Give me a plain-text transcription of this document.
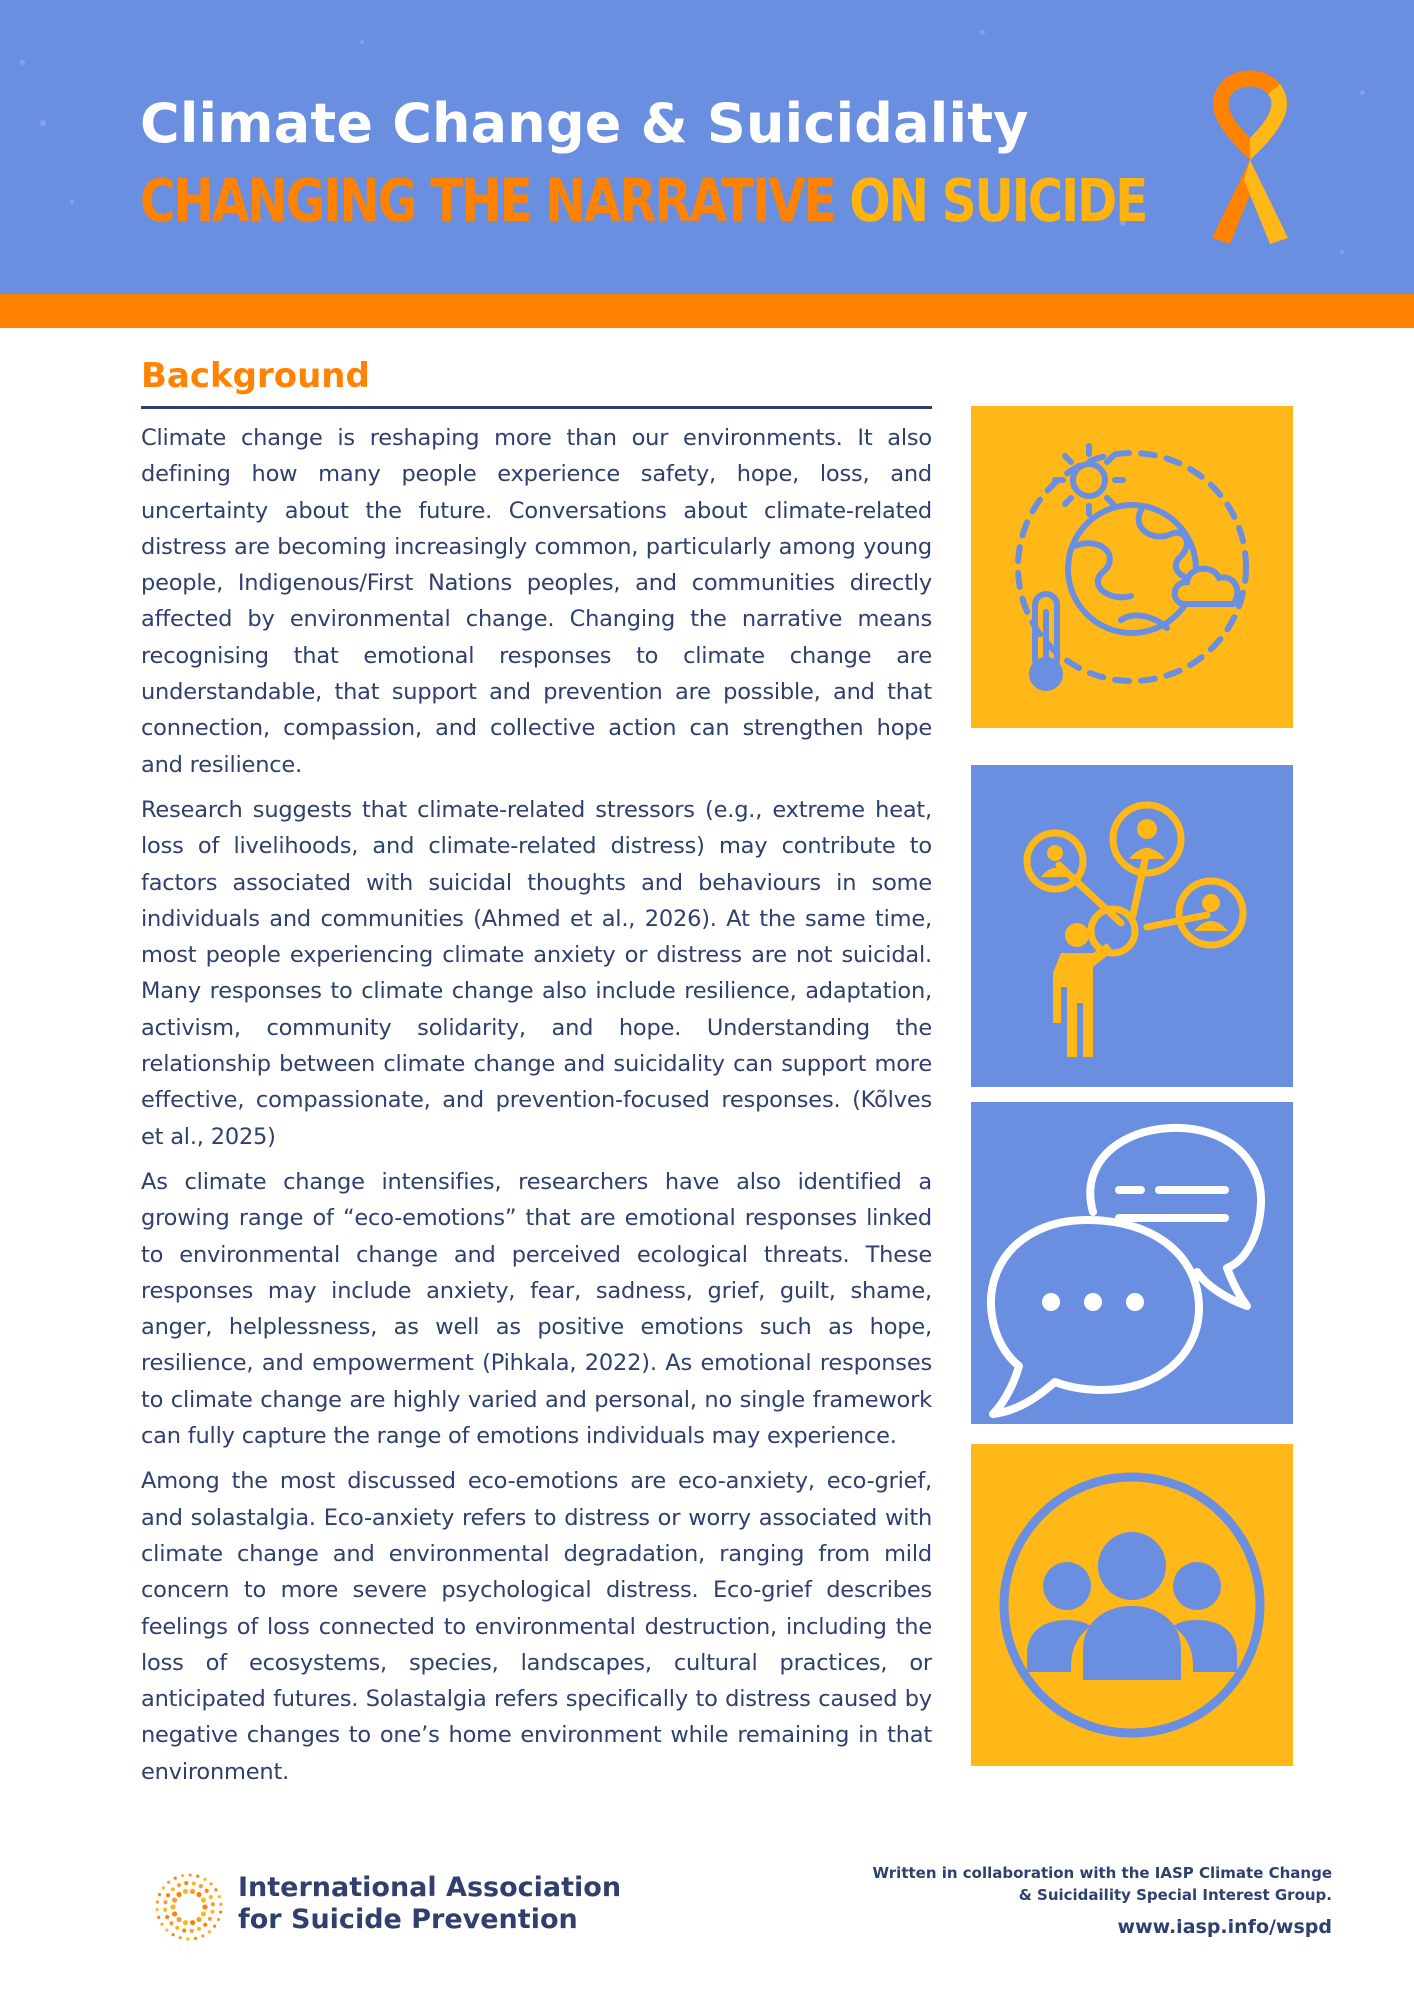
Climate Change & Suicidality
CHANGING THE NARRATIVE ON SUICIDE
Background

Climate change is reshaping more than our environments. It also defining how many people experience safety, hope, loss, and uncertainty about the future. Conversations about climate-related distress are becoming increasingly common, particularly among young people, Indigenous/First Nations peoples, and communities directly affected by environmental change. Changing the narrative means recognising that emotional responses to climate change are understandable, that support and prevention are possible, and that connection, compassion, and collective action can strengthen hope and resilience.

Research suggests that climate-related stressors (e.g., extreme heat, loss of livelihoods, and climate-related distress) may contribute to factors associated with suicidal thoughts and behaviours in some individuals and communities (Ahmed et al., 2026). At the same time, most people experiencing climate anxiety or distress are not suicidal. Many responses to climate change also include resilience, adaptation, activism, community solidarity, and hope. Understanding the relationship between climate change and suicidality can support more effective, compassionate, and prevention-focused responses. (Kõlves et al., 2025)

As climate change intensifies, researchers have also identified a growing range of “eco-emotions” that are emotional responses linked to environmental change and perceived ecological threats. These responses may include anxiety, fear, sadness, grief, guilt, shame, anger, helplessness, as well as positive emotions such as hope, resilience, and empowerment (Pihkala, 2022). As emotional responses to climate change are highly varied and personal, no single framework can fully capture the range of emotions individuals may experience.

Among the most discussed eco-emotions are eco-anxiety, eco-grief, and solastalgia. Eco-anxiety refers to distress or worry associated with climate change and environmental degradation, ranging from mild concern to more severe psychological distress. Eco-grief describes feelings of loss connected to environmental destruction, including the loss of ecosystems, species, landscapes, cultural practices, or anticipated futures. Solastalgia refers specifically to distress caused by negative changes to one’s home environment while remaining in that environment.

International Association
for Suicide Prevention

Written in collaboration with the IASP Climate Change
& Suicidaility Special Interest Group.

www.iasp.info/wspd
